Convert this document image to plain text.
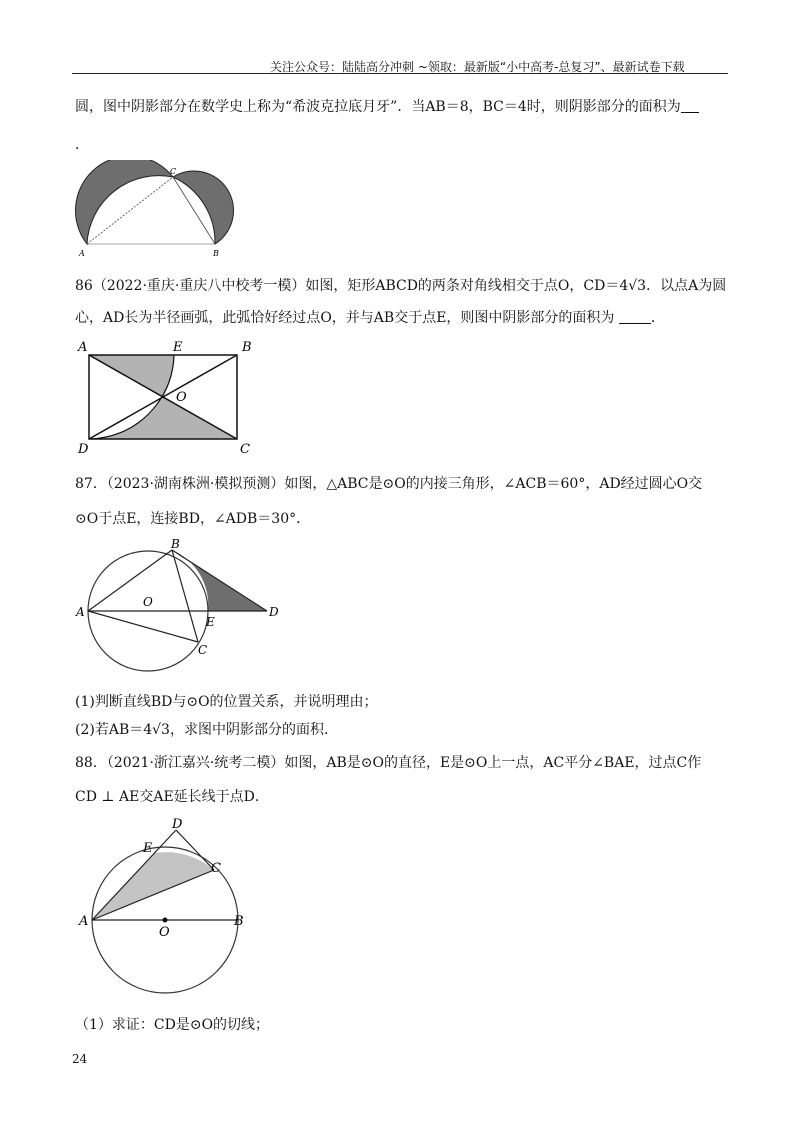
关注公众号：陆陆高分冲刺 ~领取：最新版“小中高考-总复习”、最新试卷下载
圆，图中阴影部分在数学史上称为“希波克拉底月牙”．当AB＝8，BC＝4时，则阴影部分的面积为
．
A	B
C
86（2022·重庆·重庆八中校考一模）如图，矩形ABCD的两条对角线相交于点O，CD＝4√3．以点A为圆
心，AD长为半径画弧，此弧恰好经过点O，并与AB交于点E，则图中阴影部分的面积为	．
A	E	B
O
D	C
87．（2023·湖南株洲·模拟预测）如图，△ABC是⊙O的内接三角形，∠ACB＝60°，AD经过圆心O交
⊙O于点E，连接BD，∠ADB＝30°．
A
B
O
E
C
D
(1)判断直线BD与⊙O的位置关系，并说明理由；
(2)若AB＝4√3，求图中阴影部分的面积．
88．（2021·浙江嘉兴·统考二模）如图，AB是⊙O的直径，E是⊙O上一点，AC平分∠BAE，过点C作
CD ⊥ AE交AE延长线于点D．
D
E
C
A
O
B
（1）求证：CD是⊙O的切线；
24
